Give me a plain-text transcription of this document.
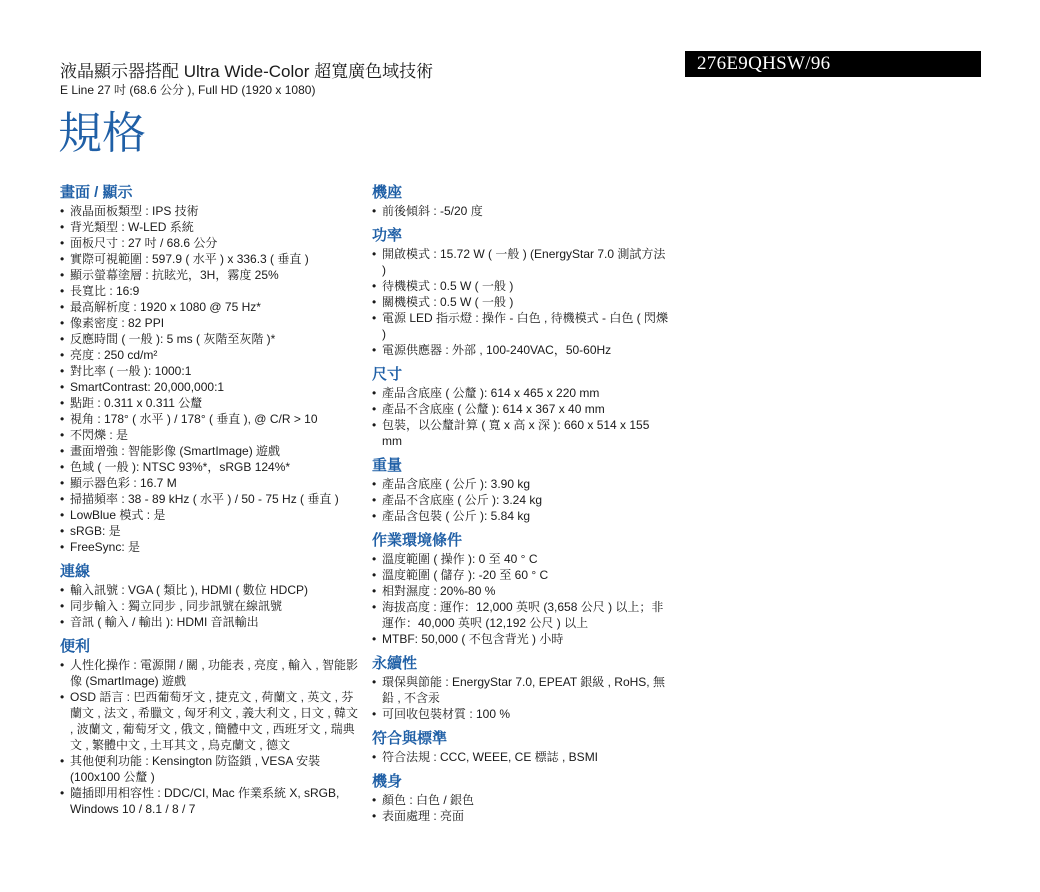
液晶顯示器搭配 Ultra Wide-Color 超寬廣色域技術
E Line 27 吋 (68.6 公分 ), Full HD (1920 x 1080)
276E9QHSW/96
規格
畫面 / 顯示
• 液晶面板類型 : IPS 技術
• 背光類型 : W-LED 系統
• 面板尺寸 : 27 吋 / 68.6 公分
• 實際可視範圍 : 597.9 ( 水平 ) x 336.3 ( 垂直 )
• 顯示螢幕塗層 : 抗眩光，3H，霧度 25%
• 長寬比 : 16:9
• 最高解析度 : 1920 x 1080 @ 75 Hz*
• 像素密度 : 82 PPI
• 反應時間 ( 一般 ): 5 ms ( 灰階至灰階 )*
• 亮度 : 250 cd/m²
• 對比率 ( 一般 ): 1000:1
• SmartContrast: 20,000,000:1
• 點距 : 0.311 x 0.311 公釐
• 視角 : 178° ( 水平 ) / 178° ( 垂直 ), @ C/R > 10
• 不閃爍 : 是
• 畫面增強 : 智能影像 (SmartImage) 遊戲
• 色域 ( 一般 ): NTSC 93%*，sRGB 124%*
• 顯示器色彩 : 16.7 M
• 掃描頻率 : 38 - 89 kHz ( 水平 ) / 50 - 75 Hz ( 垂直 )
• LowBlue 模式 : 是
• sRGB: 是
• FreeSync: 是
連線
• 輸入訊號 : VGA ( 類比 ), HDMI ( 數位 HDCP)
• 同步輸入 : 獨立同步 , 同步訊號在線訊號
• 音訊 ( 輸入 / 輸出 ): HDMI 音訊輸出
便利
• 人性化操作 : 電源開 / 關 , 功能表 , 亮度 , 輸入 , 智能影像 (SmartImage) 遊戲
• OSD 語言 : 巴西葡萄牙文 , 捷克文 , 荷蘭文 , 英文 , 芬蘭文 , 法文 , 希臘文 , 匈牙利文 , 義大利文 , 日文 , 韓文 , 波蘭文 , 葡萄牙文 , 俄文 , 簡體中文 , 西班牙文 , 瑞典文 , 繁體中文 , 土耳其文 , 烏克蘭文 , 德文
• 其他便利功能 : Kensington 防盜鎖 , VESA 安裝 (100x100 公釐 )
• 隨插即用相容性 : DDC/CI, Mac 作業系統 X, sRGB, Windows 10 / 8.1 / 8 / 7
機座
• 前後傾斜 : -5/20 度
功率
• 開啟模式 : 15.72 W ( 一般 ) (EnergyStar 7.0 測試方法 )
• 待機模式 : 0.5 W ( 一般 )
• 關機模式 : 0.5 W ( 一般 )
• 電源 LED 指示燈 : 操作 - 白色 , 待機模式 - 白色 ( 閃爍 )
• 電源供應器 : 外部 , 100-240VAC，50-60Hz
尺寸
• 產品含底座 ( 公釐 ): 614 x 465 x 220 mm
• 產品不含底座 ( 公釐 ): 614 x 367 x 40 mm
• 包裝，以公釐計算 ( 寬 x 高 x 深 ): 660 x 514 x 155 mm
重量
• 產品含底座 ( 公斤 ): 3.90 kg
• 產品不含底座 ( 公斤 ): 3.24 kg
• 產品含包裝 ( 公斤 ): 5.84 kg
作業環境條件
• 溫度範圍 ( 操作 ): 0 至 40 ° C
• 溫度範圍 ( 儲存 ): -20 至 60 ° C
• 相對濕度 : 20%-80 %
• 海拔高度 : 運作：12,000 英呎 (3,658 公尺 ) 以上；非運作：40,000 英呎 (12,192 公尺 ) 以上
• MTBF: 50,000 ( 不包含背光 ) 小時
永續性
• 環保與節能 : EnergyStar 7.0, EPEAT 銀級 , RoHS, 無鉛 , 不含汞
• 可回收包裝材質 : 100 %
符合與標準
• 符合法規 : CCC, WEEE, CE 標誌 , BSMI
機身
• 顏色 : 白色 / 銀色
• 表面處理 : 亮面
